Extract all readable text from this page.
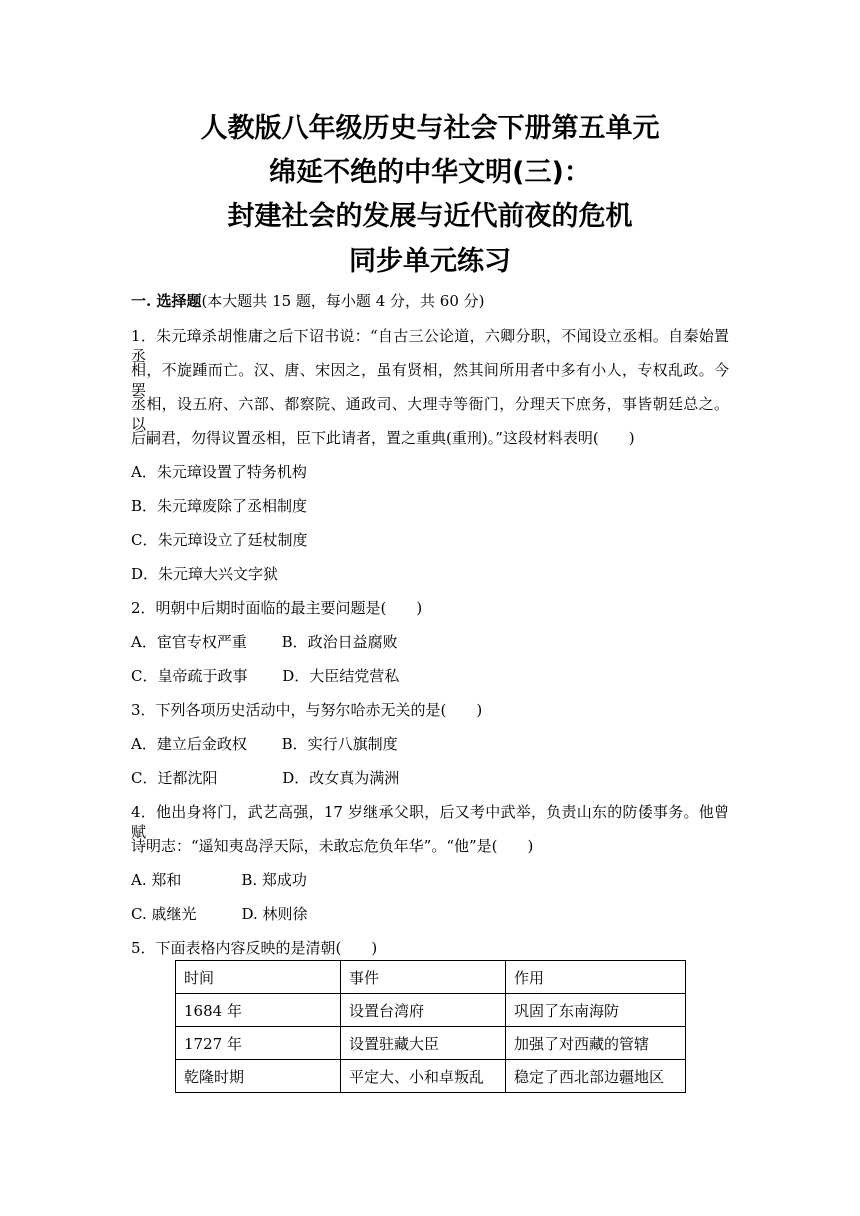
人教版八年级历史与社会下册第五单元
绵延不绝的中华文明(三)：
封建社会的发展与近代前夜的危机
同步单元练习
一. 选择题(本大题共 15 题，每小题 4 分，共 60 分)
1．朱元璋杀胡惟庸之后下诏书说：“自古三公论道，六卿分职，不闻设立丞相。自秦始置丞
相，不旋踵而亡。汉、唐、宋因之，虽有贤相，然其间所用者中多有小人，专权乱政。今罢
丞相，设五府、六部、都察院、通政司、大理寺等衙门，分理天下庶务，事皆朝廷总之。以
后嗣君，勿得议置丞相，臣下此请者，置之重典(重刑)。”这段材料表明(　　)
A．朱元璋设置了特务机构
B．朱元璋废除了丞相制度
C．朱元璋设立了廷杖制度
D．朱元璋大兴文字狱
2．明朝中后期时面临的最主要问题是(　　)
A．宦官专权严重　　 B．政治日益腐败
C．皇帝疏于政事　　 D．大臣结党营私
3．下列各项历史活动中，与努尔哈赤无关的是(　　)
A．建立后金政权　　 B．实行八旗制度
C．迁都沈阳　　　　 D．改女真为满洲
4．他出身将门，武艺高强，17 岁继承父职，后又考中武举，负责山东的防倭事务。他曾赋
诗明志：“遥知夷岛浮天际，未敢忘危负年华”。“他”是(　　)
A. 郑和　　　　B. 郑成功
C. 戚继光　　　D. 林则徐
5．下面表格内容反映的是清朝(　　)
时间	事件	作用
1684 年	设置台湾府	巩固了东南海防
1727 年	设置驻藏大臣	加强了对西藏的管辖
乾隆时期	平定大、小和卓叛乱	稳定了西北部边疆地区
